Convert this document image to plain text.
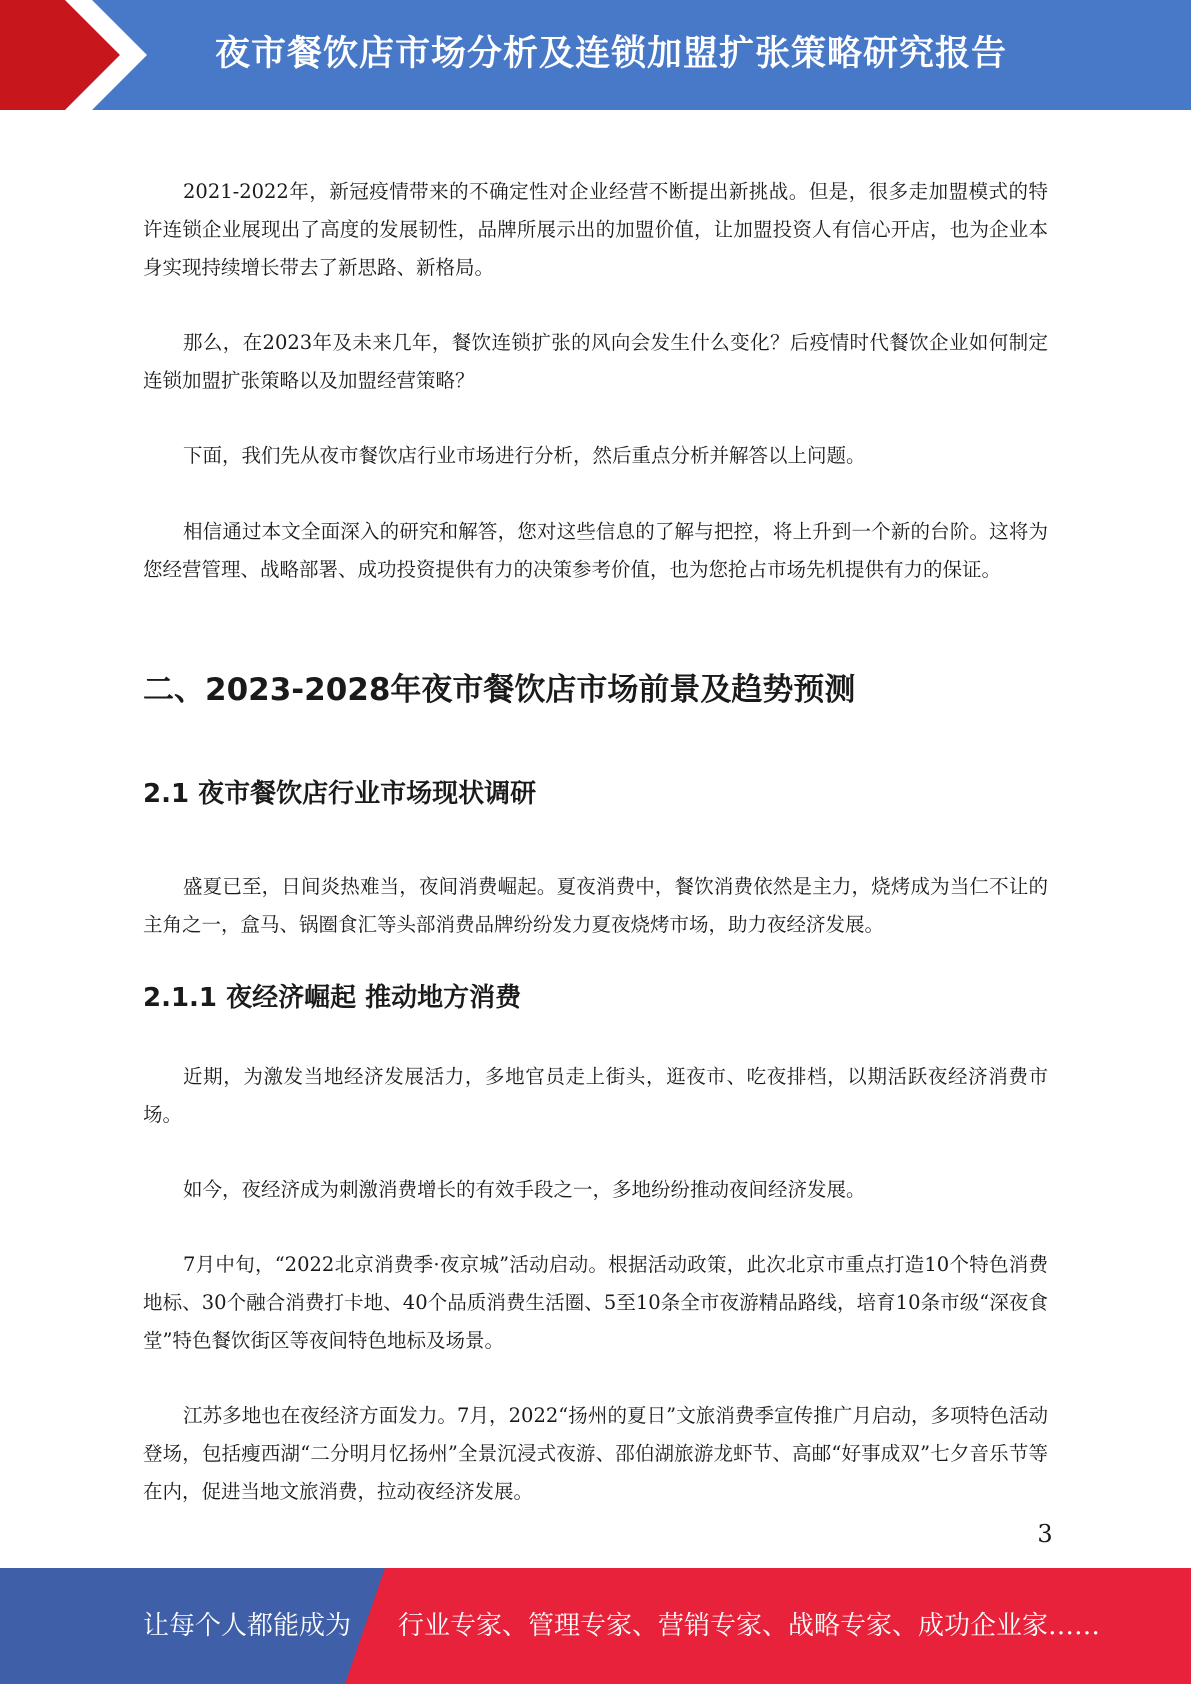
夜市餐饮店市场分析及连锁加盟扩张策略研究报告

2021-2022年，新冠疫情带来的不确定性对企业经营不断提出新挑战。但是，很多走加盟模式的特许连锁企业展现出了高度的发展韧性，品牌所展示出的加盟价值，让加盟投资人有信心开店，也为企业本身实现持续增长带去了新思路、新格局。

那么，在2023年及未来几年，餐饮连锁扩张的风向会发生什么变化？后疫情时代餐饮企业如何制定连锁加盟扩张策略以及加盟经营策略？

下面，我们先从夜市餐饮店行业市场进行分析，然后重点分析并解答以上问题。

相信通过本文全面深入的研究和解答，您对这些信息的了解与把控，将上升到一个新的台阶。这将为您经营管理、战略部署、成功投资提供有力的决策参考价值，也为您抢占市场先机提供有力的保证。

二、2023-2028年夜市餐饮店市场前景及趋势预测
2.1 夜市餐饮店行业市场现状调研

盛夏已至，日间炎热难当，夜间消费崛起。夏夜消费中，餐饮消费依然是主力，烧烤成为当仁不让的主角之一，盒马、锅圈食汇等头部消费品牌纷纷发力夏夜烧烤市场，助力夜经济发展。

2.1.1 夜经济崛起 推动地方消费

近期，为激发当地经济发展活力，多地官员走上街头，逛夜市、吃夜排档，以期活跃夜经济消费市场。

如今，夜经济成为刺激消费增长的有效手段之一，多地纷纷推动夜间经济发展。

7月中旬，“2022北京消费季·夜京城”活动启动。根据活动政策，此次北京市重点打造10个特色消费地标、30个融合消费打卡地、40个品质消费生活圈、5至10条全市夜游精品路线，培育10条市级“深夜食堂”特色餐饮街区等夜间特色地标及场景。

江苏多地也在夜经济方面发力。7月，2022“扬州的夏日”文旅消费季宣传推广月启动，多项特色活动登场，包括瘦西湖“二分明月忆扬州”全景沉浸式夜游、邵伯湖旅游龙虾节、高邮“好事成双”七夕音乐节等在内，促进当地文旅消费，拉动夜经济发展。

3
让每个人都能成为 行业专家、管理专家、营销专家、战略专家、成功企业家……
